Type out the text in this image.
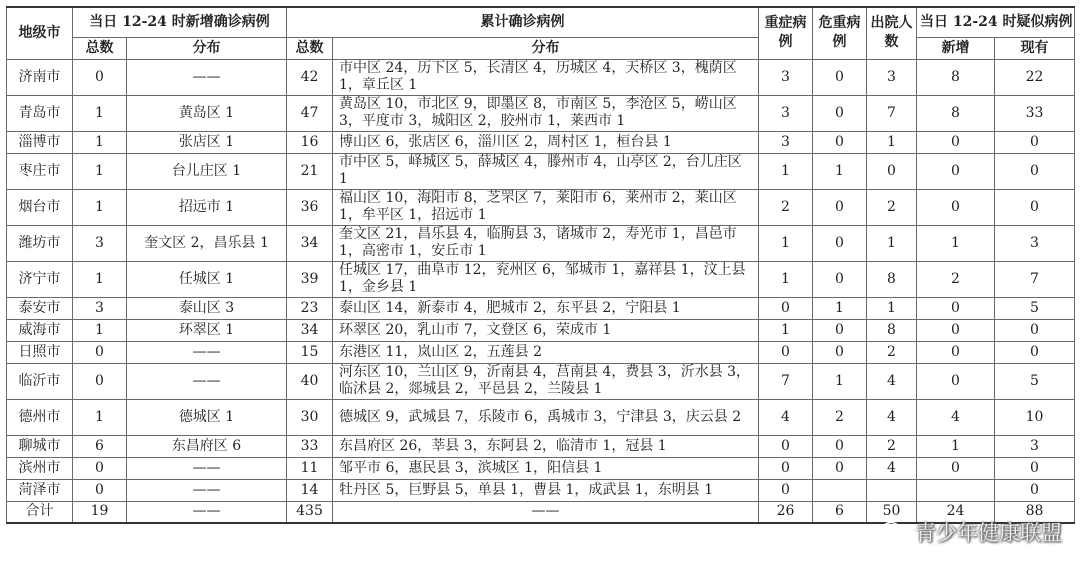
地级市	当日 12-24 时新增确诊病例		累计确诊病例		重症病例	危重病例	出院人数	当日 12-24 时疑似病例	
	总数	分布	总数	分布				新增	现有
济南市	0	——	42	市中区 24，历下区 5，长清区 4，历城区 4，天桥区 3，槐荫区 1，章丘区 1	3	0	3	8	22
青岛市	1	黄岛区 1	47	黄岛区 10，市北区 9，即墨区 8，市南区 5，李沧区 5，崂山区 3，平度市 3，城阳区 2，胶州市 1，莱西市 1	3	0	7	8	33
淄博市	1	张店区 1	16	博山区 6，张店区 6，淄川区 2，周村区 1，桓台县 1	3	0	1	0	0
枣庄市	1	台儿庄区 1	21	市中区 5，峄城区 5，薛城区 4，滕州市 4，山亭区 2，台儿庄区 1	1	1	0	0	0
烟台市	1	招远市 1	36	福山区 10，海阳市 8，芝罘区 7，莱阳市 6，莱州市 2，莱山区 1，牟平区 1，招远市 1	2	0	2	0	0
潍坊市	3	奎文区 2，昌乐县 1	34	奎文区 21，昌乐县 4，临朐县 3，诸城市 2，寿光市 1，昌邑市 1，高密市 1，安丘市 1	1	0	1	1	3
济宁市	1	任城区 1	39	任城区 17，曲阜市 12，兖州区 6，邹城市 1，嘉祥县 1，汶上县 1，金乡县 1	1	0	8	2	7
泰安市	3	泰山区 3	23	泰山区 14，新泰市 4，肥城市 2，东平县 2，宁阳县 1	0	1	1	0	5
威海市	1	环翠区 1	34	环翠区 20，乳山市 7，文登区 6，荣成市 1	1	0	8	0	0
日照市	0	——	15	东港区 11，岚山区 2，五莲县 2	0	0	2	0	0
临沂市	0	——	40	河东区 10，兰山区 9，沂南县 4，莒南县 4，费县 3，沂水县 3，临沭县 2，郯城县 2，平邑县 2，兰陵县 1	7	1	4	0	5
德州市	1	德城区 1	30	德城区 9，武城县 7，乐陵市 6，禹城市 3，宁津县 3，庆云县 2	4	2	4	4	10
聊城市	6	东昌府区 6	33	东昌府区 26，莘县 3，东阿县 2，临清市 1，冠县 1	0	0	2	1	3
滨州市	0	——	11	邹平市 6，惠民县 3，滨城区 1，阳信县 1	0	0	4	0	0
菏泽市	0	——	14	牡丹区 5，巨野县 5，单县 1，曹县 1，成武县 1，东明县 1	0				0
合计	19	——	435	——	26	6	50	24	88
青少年健康联盟
